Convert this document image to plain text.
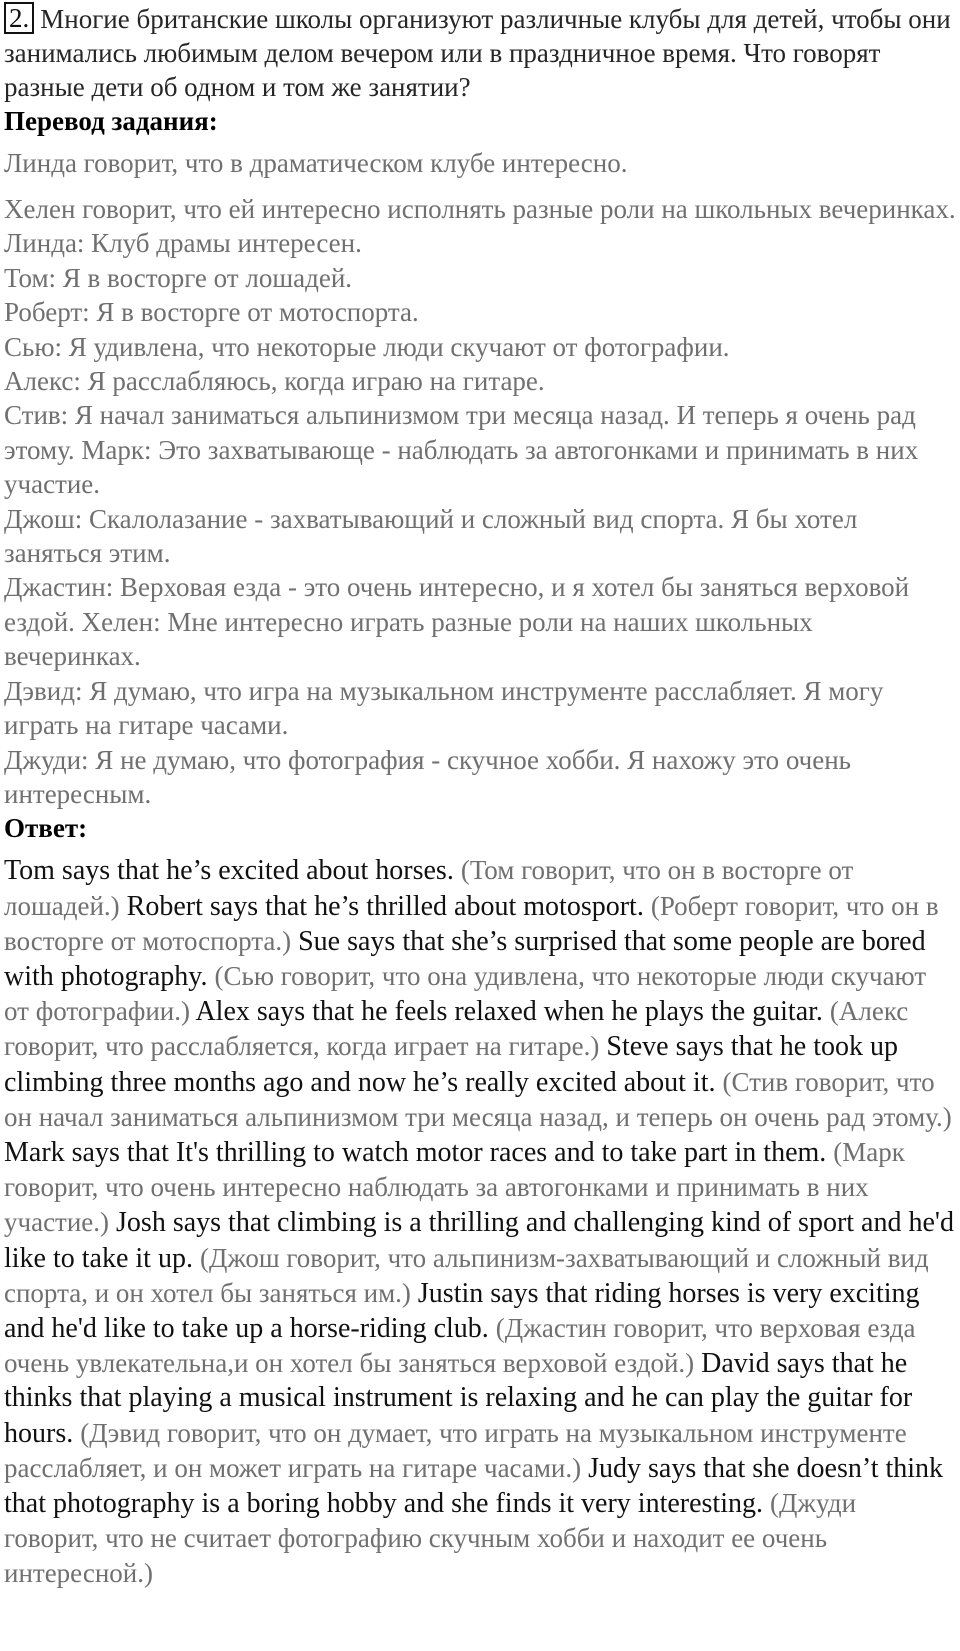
2. Многие британские школы организуют различные клубы для детей, чтобы они занимались любимым делом вечером или в праздничное время. Что говорят разные дети об одном и том же занятии?

Перевод задания:

Линда говорит, что в драматическом клубе интересно.

Хелен говорит, что ей интересно исполнять разные роли на школьных вечеринках.
Линда: Клуб драмы интересен.
Том: Я в восторге от лошадей.
Роберт: Я в восторге от мотоспорта.
Сью: Я удивлена, что некоторые люди скучают от фотографии.
Алекс: Я расслабляюсь, когда играю на гитаре.
Стив: Я начал заниматься альпинизмом три месяца назад. И теперь я очень рад этому. Марк: Это захватывающе - наблюдать за автогонками и принимать в них участие.
Джош: Скалолазание - захватывающий и сложный вид спорта. Я бы хотел заняться этим.
Джастин: Верховая езда - это очень интересно, и я хотел бы заняться верховой ездой. Хелен: Мне интересно играть разные роли на наших школьных вечеринках.
Дэвид: Я думаю, что игра на музыкальном инструменте расслабляет. Я могу играть на гитаре часами.
Джуди: Я не думаю, что фотография - скучное хобби. Я нахожу это очень интересным.

Ответ:

Tom says that he’s excited about horses. (Том говорит, что он в восторге от лошадей.) Robert says that he’s thrilled about motosport. (Роберт говорит, что он в восторге от мотоспорта.) Sue says that she’s surprised that some people are bored with photography. (Сью говорит, что она удивлена, что некоторые люди скучают от фотографии.) Alex says that he feels relaxed when he plays the guitar. (Алекс говорит, что расслабляется, когда играет на гитаре.) Steve says that he took up climbing three months ago and now he’s really excited about it. (Стив говорит, что он начал заниматься альпинизмом три месяца назад, и теперь он очень рад этому.) Mark says that It's thrilling to watch motor races and to take part in them. (Марк говорит, что очень интересно наблюдать за автогонками и принимать в них участие.) Josh says that climbing is a thrilling and challenging kind of sport and he'd like to take it up. (Джош говорит, что альпинизм-захватывающий и сложный вид спорта, и он хотел бы заняться им.) Justin says that riding horses is very exciting and he'd like to take up a horse-riding club. (Джастин говорит, что верховая езда очень увлекательна,и он хотел бы заняться верховой ездой.) David says that he thinks that playing a musical instrument is relaxing and he can play the guitar for hours. (Дэвид говорит, что он думает, что играть на музыкальном инструменте расслабляет, и он может играть на гитаре часами.) Judy says that she doesn’t think that photography is a boring hobby and she finds it very interesting. (Джуди говорит, что не считает фотографию скучным хобби и находит ее очень интересной.)
